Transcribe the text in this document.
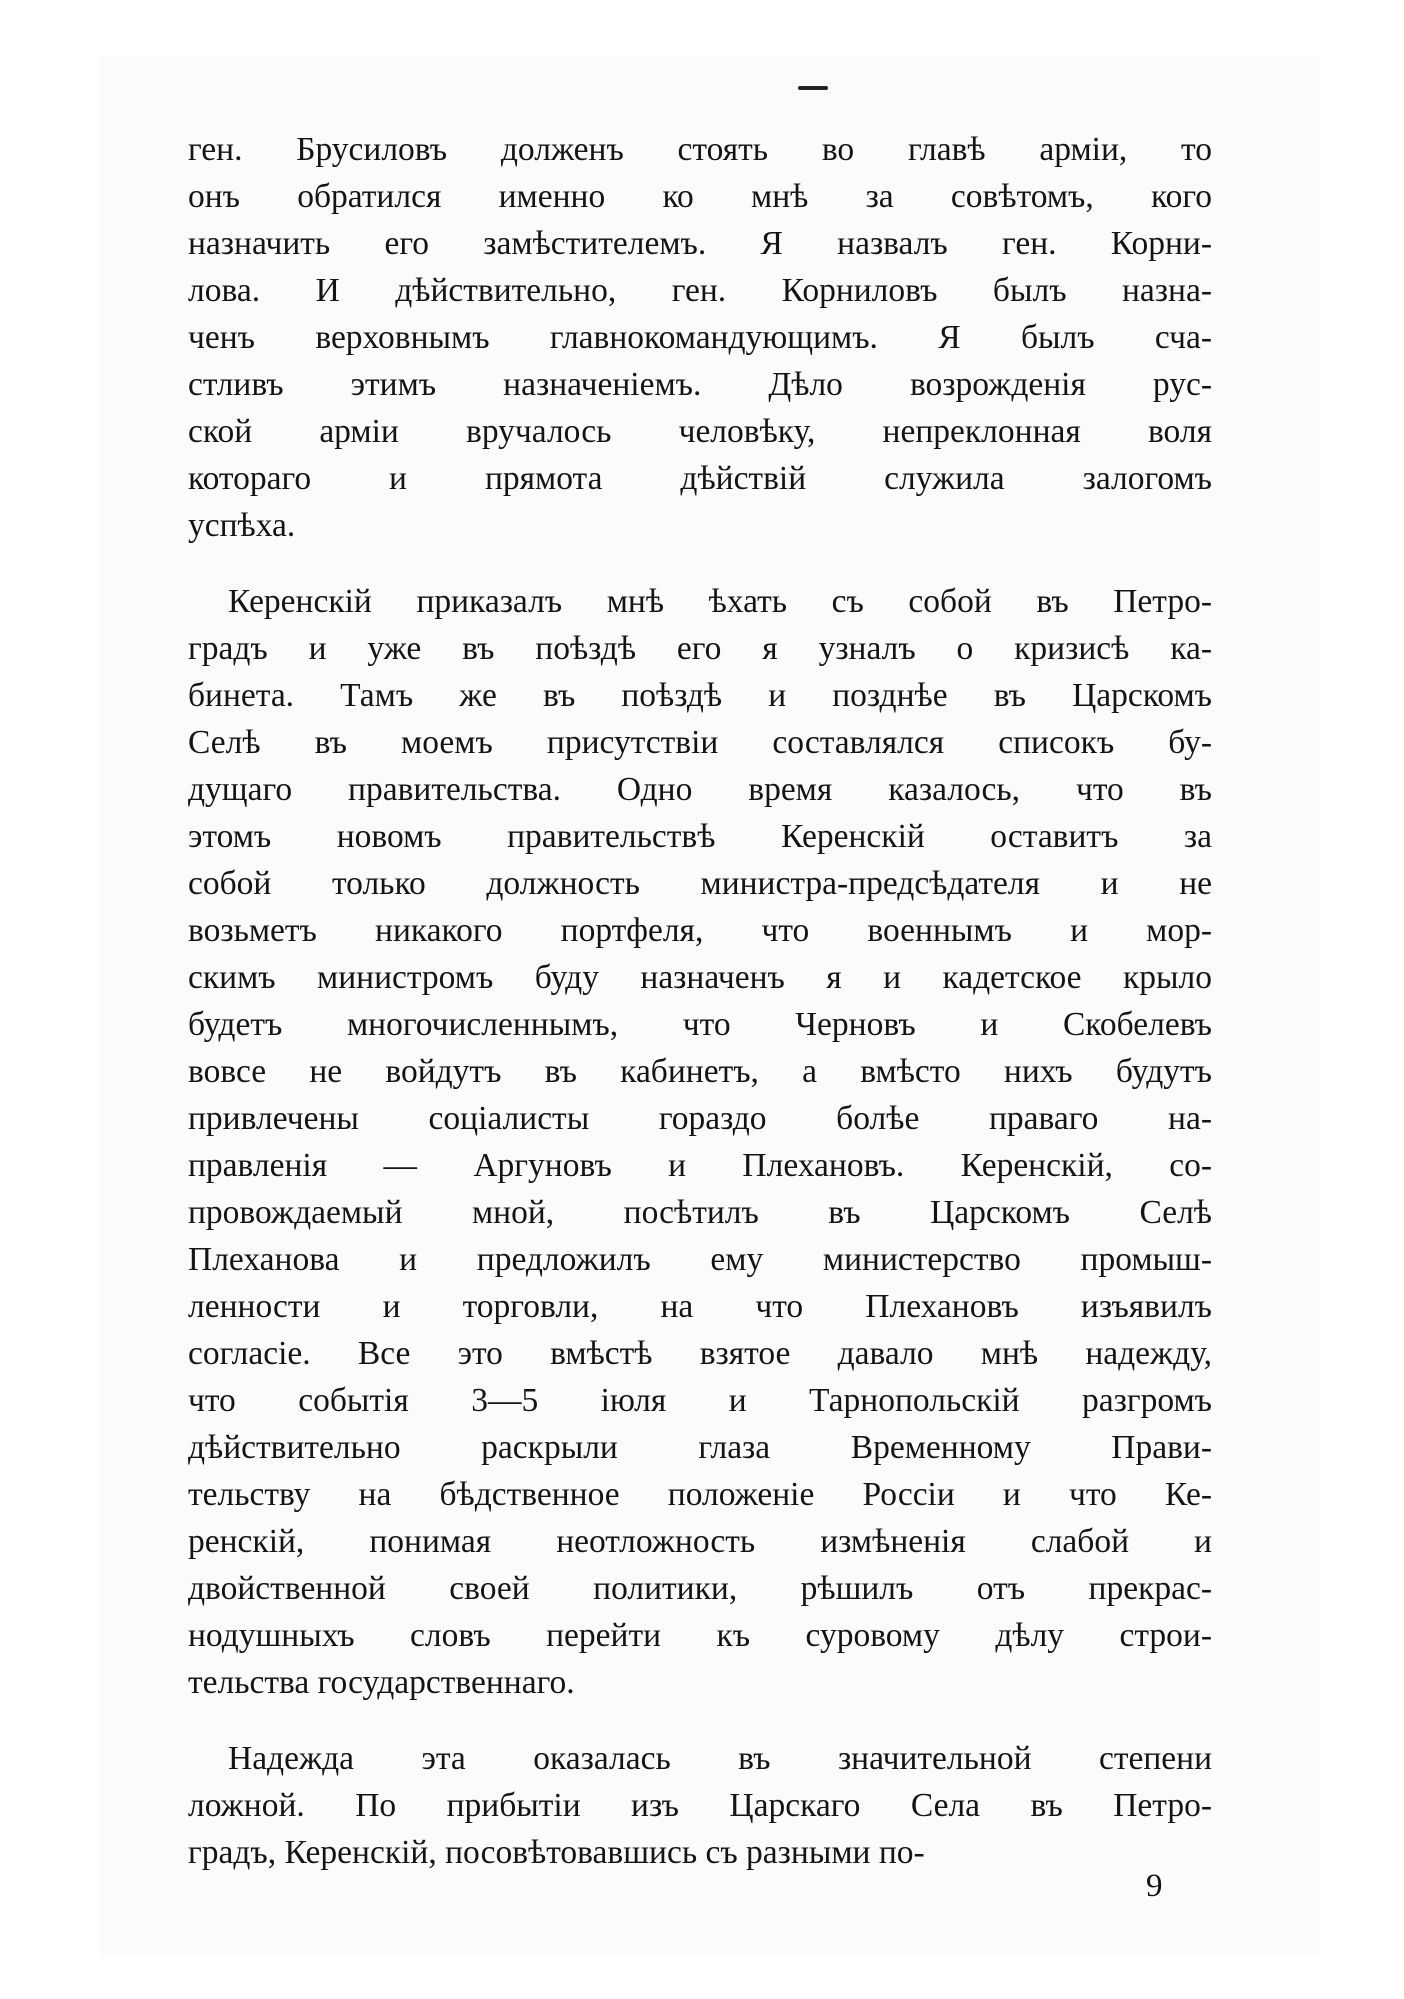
ген. Брусиловъ долженъ стоять во главѣ арміи, то
онъ обратился именно ко мнѣ за совѣтомъ, кого
назначить его замѣстителемъ. Я назвалъ ген. Корни-
лова. И дѣйствительно, ген. Корниловъ былъ назна-
ченъ верховнымъ главнокомандующимъ. Я былъ сча-
стливъ этимъ назначеніемъ. Дѣло возрожденія рус-
ской арміи вручалось человѣку, непреклонная воля
котораго и прямота дѣйствій служила залогомъ
успѣха.
Керенскій приказалъ мнѣ ѣхать съ собой въ Петро-
градъ и уже въ поѣздѣ его я узналъ о кризисѣ ка-
бинета. Тамъ же въ поѣздѣ и позднѣе въ Царскомъ
Селѣ въ моемъ присутствіи составлялся списокъ бу-
дущаго правительства. Одно время казалось, что въ
этомъ новомъ правительствѣ Керенскій оставитъ за
собой только должность министра-предсѣдателя и не
возьметъ никакого портфеля, что военнымъ и мор-
скимъ министромъ буду назначенъ я и кадетское крыло
будетъ многочисленнымъ, что Черновъ и Скобелевъ
вовсе не войдутъ въ кабинетъ, а вмѣсто нихъ будутъ
привлечены соціалисты гораздо болѣе праваго на-
правленія — Аргуновъ и Плехановъ. Керенскій, со-
провождаемый мной, посѣтилъ въ Царскомъ Селѣ
Плеханова и предложилъ ему министерство промыш-
ленности и торговли, на что Плехановъ изъявилъ
согласіе. Все это вмѣстѣ взятое давало мнѣ надежду,
что событія 3—5 іюля и Тарнопольскій разгромъ
дѣйствительно раскрыли глаза Временному Прави-
тельству на бѣдственное положеніе Россіи и что Ке-
ренскій, понимая неотложность измѣненія слабой и
двойственной своей политики, рѣшилъ отъ прекрас-
нодушныхъ словъ перейти къ суровому дѣлу строи-
тельства государственнаго.
Надежда эта оказалась въ значительной степени
ложной. По прибытіи изъ Царскаго Села въ Петро-
градъ, Керенскій, посовѣтовавшись съ разными по-
9
